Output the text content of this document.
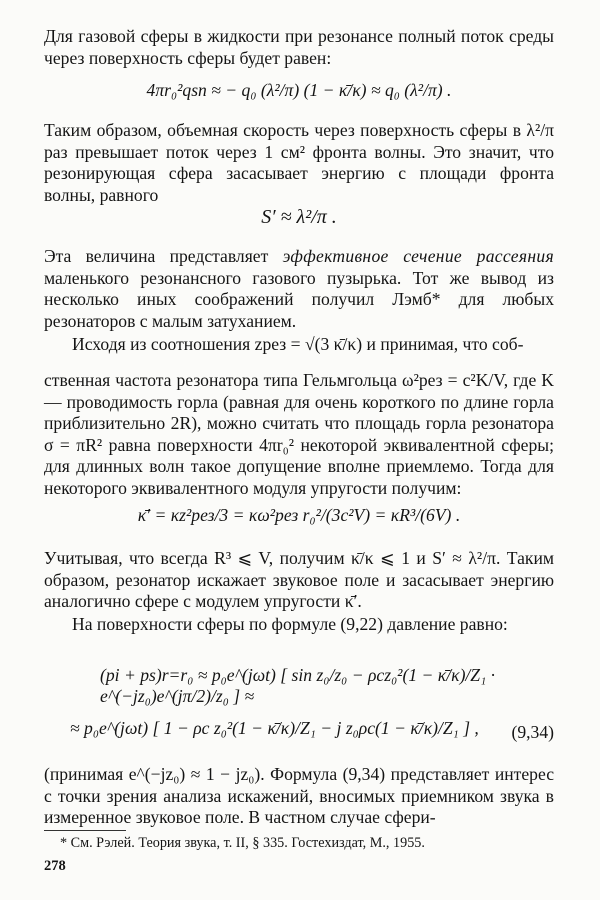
Для газовой сферы в жидкости при резонансе полный поток среды через поверхность сферы будет равен:
4πr₀²qsn ≈ − q₀ (λ²/π) (1 − κ̄/κ) ≈ q₀ (λ²/π) .
Таким образом, объемная скорость через поверхность сферы в λ²/π раз превышает поток через 1 см² фронта волны. Это значит, что резонирующая сфера засасывает энергию с площади фронта волны, равного
S′ ≈ λ²/π .
Эта величина представляет эффективное сечение рассеяния маленького резонансного газового пузырька. Тот же вывод из несколько иных соображений получил Лэмб* для любых резонаторов с малым затуханием.
Исходя из соотношения zрез = √(3 κ̄/κ) и принимая, что соб-
ственная частота резонатора типа Гельмгольца ω²рез = c²K/V, где K — проводимость горла (равная для очень короткого по длине горла приблизительно 2R), можно считать что площадь горла резонатора σ = πR² равна поверхности 4πr₀² некоторой эквивалентной сферы; для длинных волн такое допущение вполне приемлемо. Тогда для некоторого эквивалентного модуля упругости получим:
κ̄′ = κz²рез/3 = κω²рез r₀²/(3c²V) = κR³/(6V) .
Учитывая, что всегда R³ ⩽ V, получим κ̄/κ ⩽ 1 и S′ ≈ λ²/π. Таким образом, резонатор искажает звуковое поле и засасывает энергию аналогично сфере с модулем упругости κ̄′.
На поверхности сферы по формуле (9,22) давление равно:
(pi + ps)r=r₀ ≈ p₀e^(jωt) [ sin z₀/z₀ − ρcz₀²(1 − κ̄/κ)/Z₁ · e^(−jz₀)e^(jπ/2)/z₀ ] ≈
≈ p₀e^(jωt) [ 1 − ρc z₀²(1 − κ̄/κ)/Z₁ − j z₀ρc(1 − κ̄/κ)/Z₁ ] ,	(9,34)
(принимая e^(−jz₀) ≈ 1 − jz₀). Формула (9,34) представляет интерес с точки зрения анализа искажений, вносимых приемником звука в измеренное звуковое поле. В частном случае сфери-
* См. Рэлей. Теория звука, т. II, § 335. Гостехиздат, М., 1955.
278
